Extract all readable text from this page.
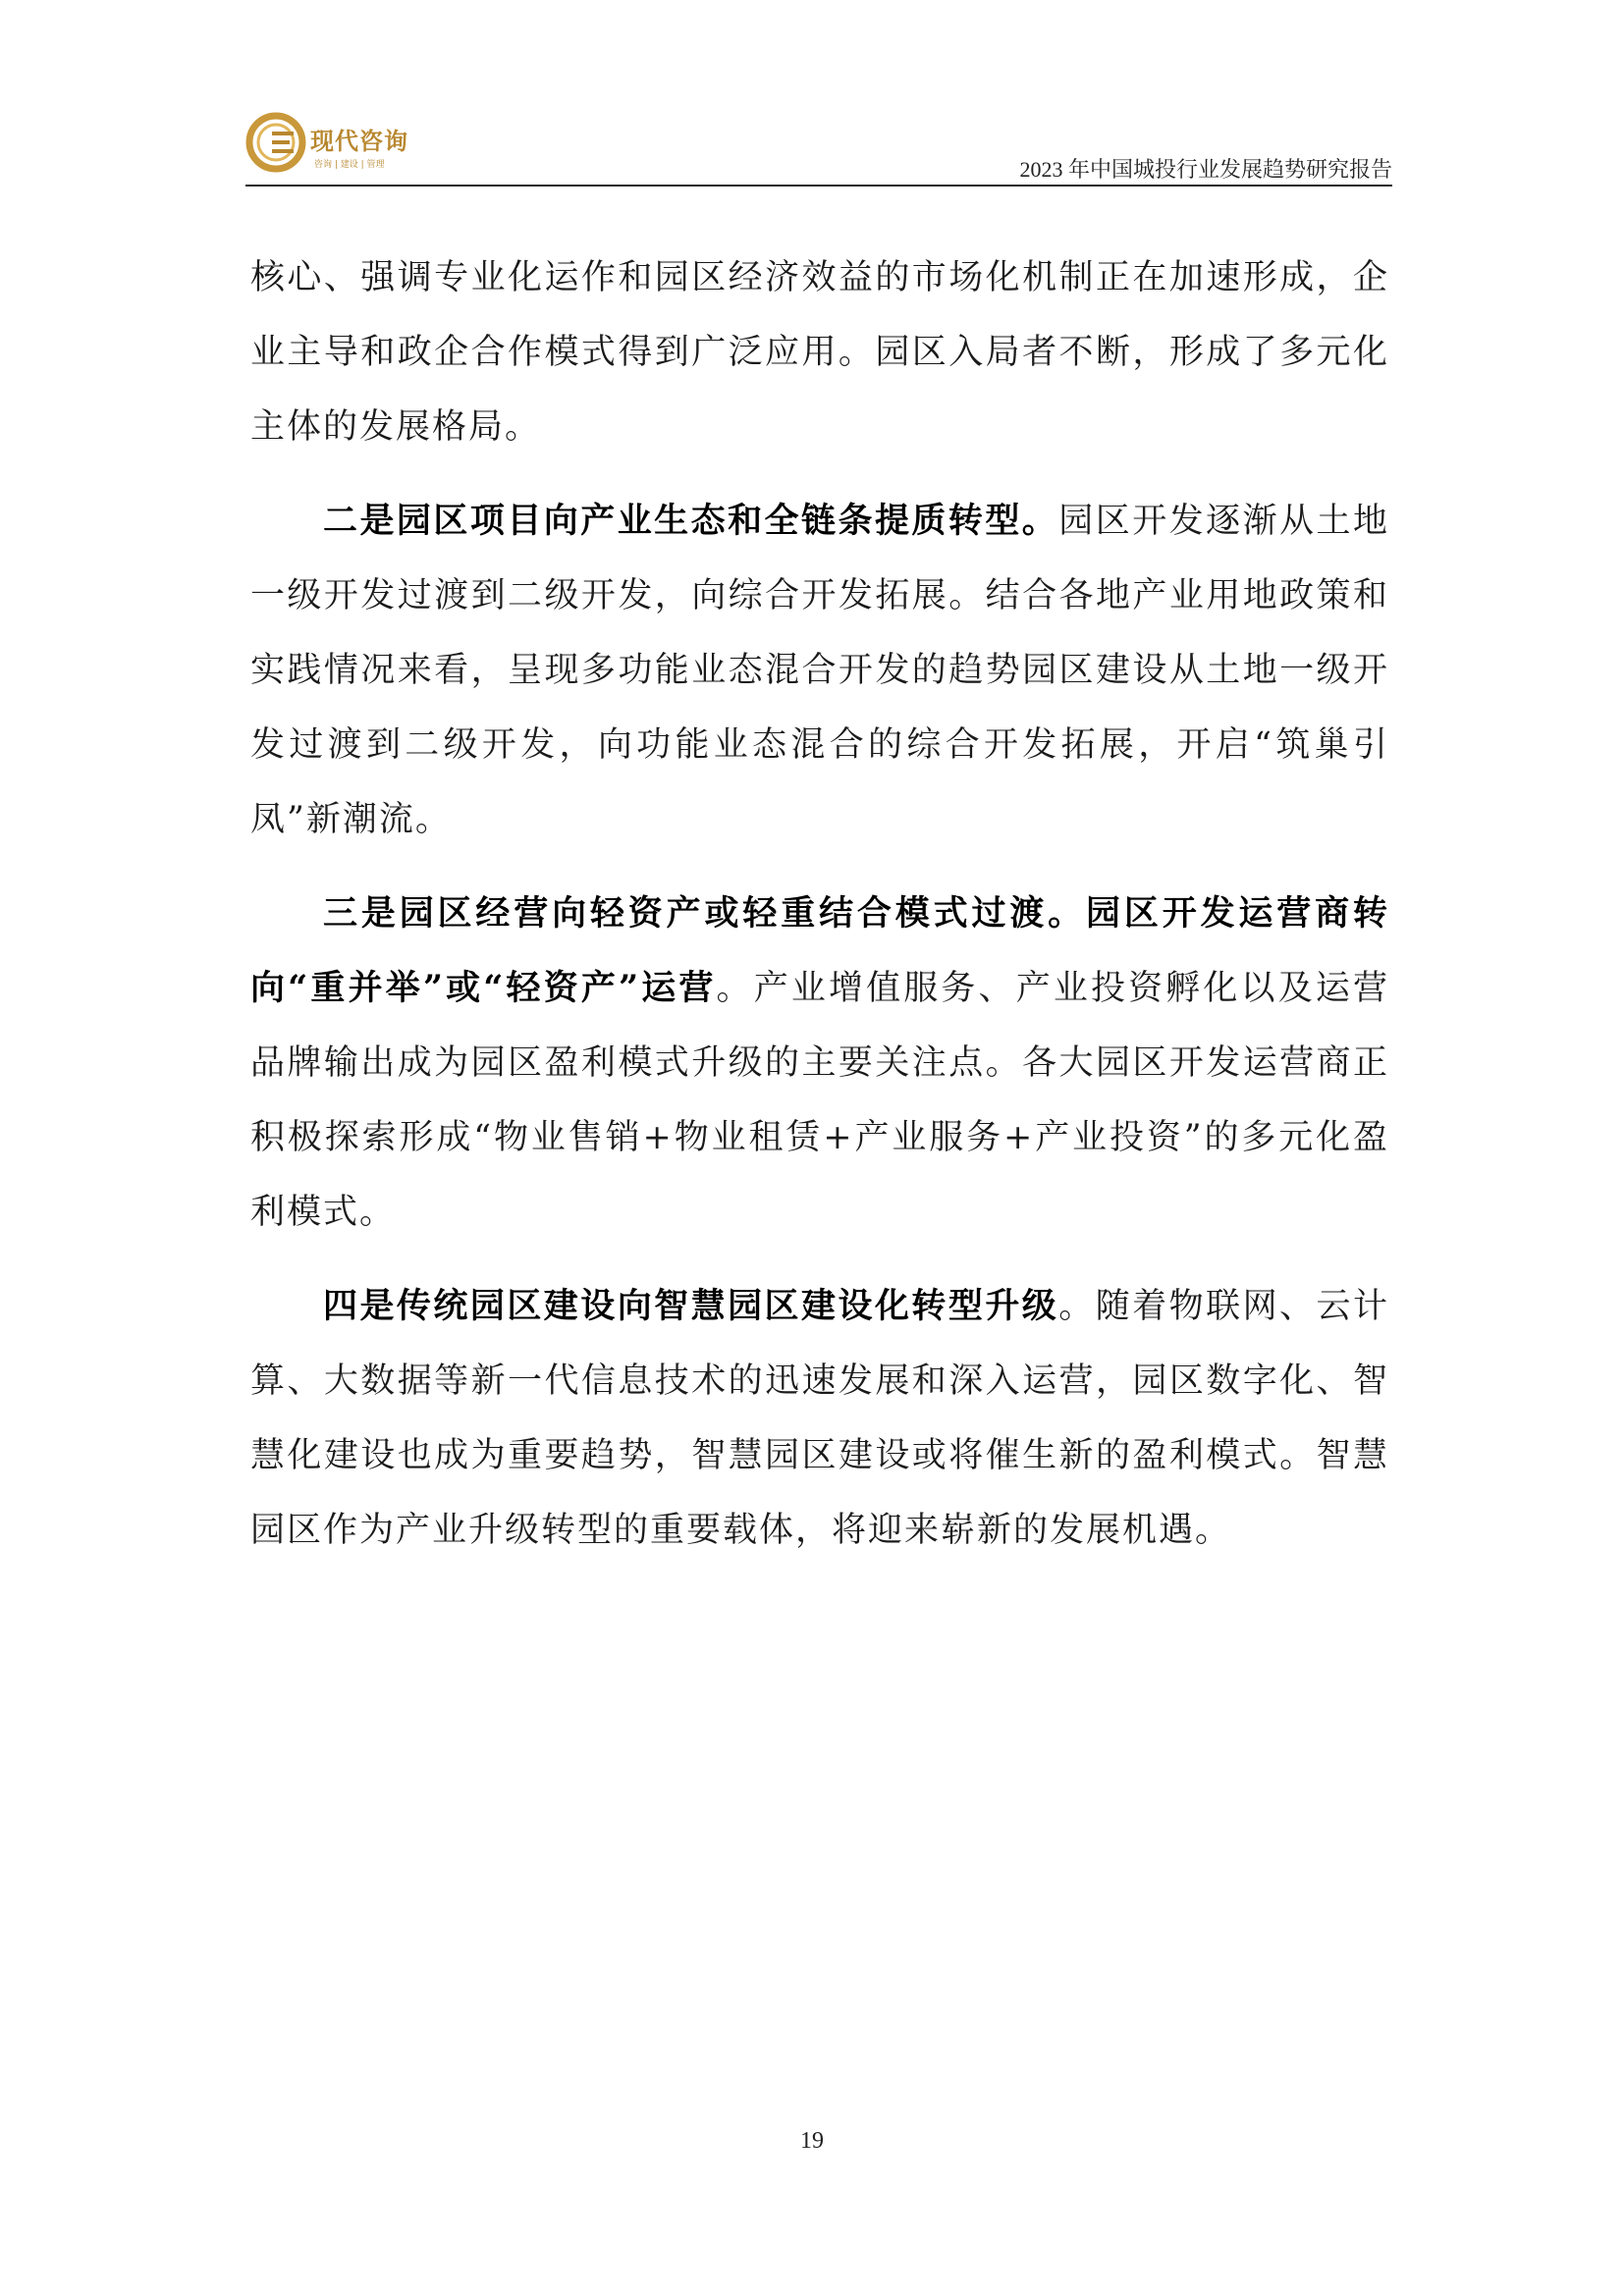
现代咨询
咨询 | 建设 | 管理	2023 年中国城投行业发展趋势研究报告

核心、强调专业化运作和园区经济效益的市场化机制正在加速形成，企业主导和政企合作模式得到广泛应用。园区入局者不断，形成了多元化主体的发展格局。

二是园区项目向产业生态和全链条提质转型。园区开发逐渐从土地一级开发过渡到二级开发，向综合开发拓展。结合各地产业用地政策和实践情况来看，呈现多功能业态混合开发的趋势园区建设从土地一级开发过渡到二级开发，向功能业态混合的综合开发拓展，开启“筑巢引凤”新潮流。

三是园区经营向轻资产或轻重结合模式过渡。园区开发运营商转向“重并举”或“轻资产”运营。产业增值服务、产业投资孵化以及运营品牌输出成为园区盈利模式升级的主要关注点。各大园区开发运营商正积极探索形成“物业售销+物业租赁+产业服务+产业投资”的多元化盈利模式。

四是传统园区建设向智慧园区建设化转型升级。随着物联网、云计算、大数据等新一代信息技术的迅速发展和深入运营，园区数字化、智慧化建设也成为重要趋势，智慧园区建设或将催生新的盈利模式。智慧园区作为产业升级转型的重要载体，将迎来崭新的发展机遇。

19
